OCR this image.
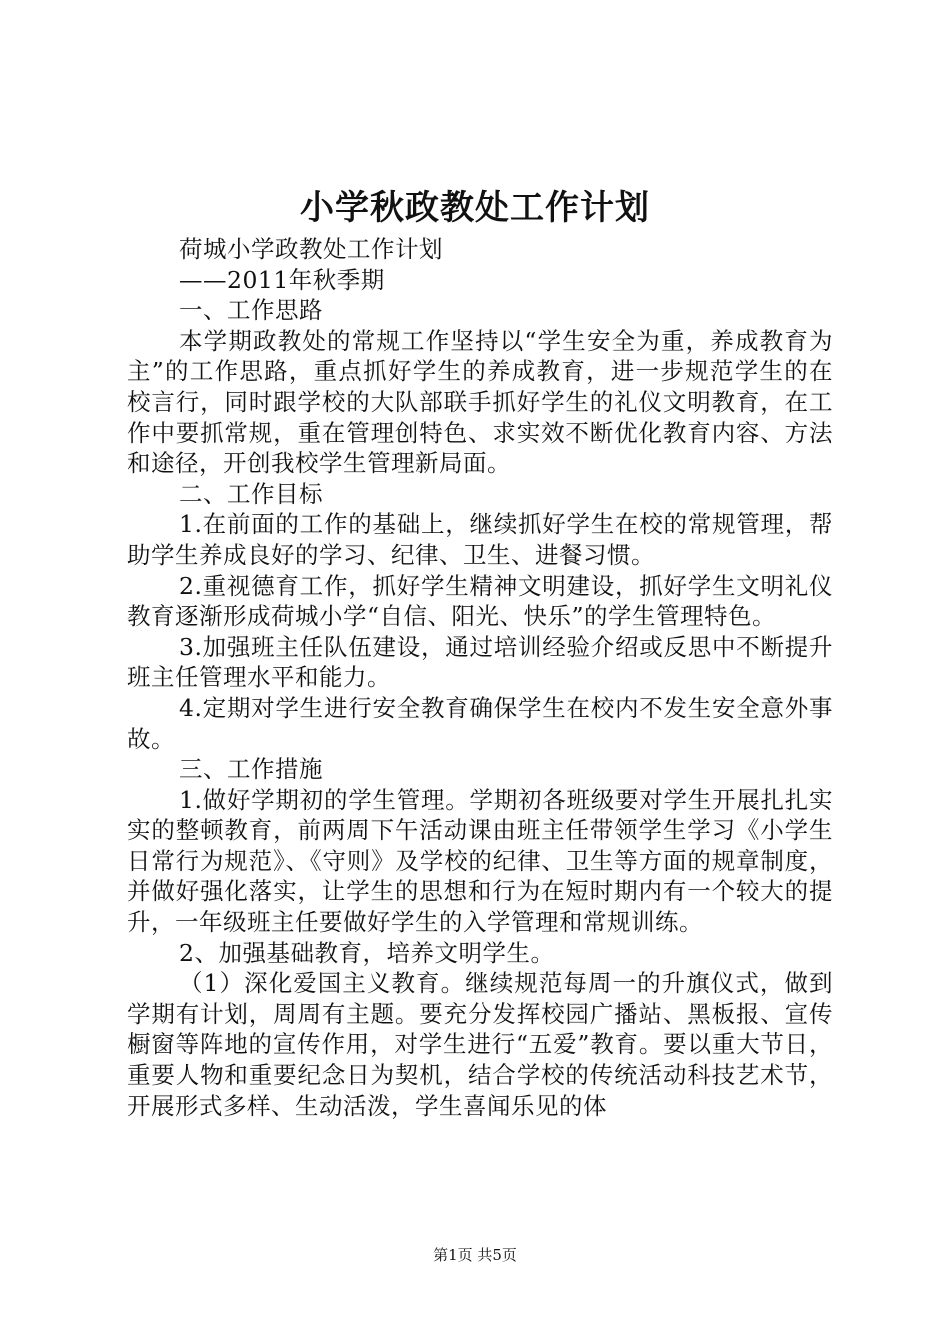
小学秋政教处工作计划

荷城小学政教处工作计划

——2011年秋季期

一、工作思路

本学期政教处的常规工作坚持以“学生安全为重，养成教育为主”的工作思路，重点抓好学生的养成教育，进一步规范学生的在校言行，同时跟学校的大队部联手抓好学生的礼仪文明教育，在工作中要抓常规，重在管理创特色、求实效不断优化教育内容、方法和途径，开创我校学生管理新局面。

二、工作目标

1.在前面的工作的基础上，继续抓好学生在校的常规管理，帮助学生养成良好的学习、纪律、卫生、进餐习惯。

2.重视德育工作，抓好学生精神文明建设，抓好学生文明礼仪教育逐渐形成荷城小学“自信、阳光、快乐”的学生管理特色。

3.加强班主任队伍建设，通过培训经验介绍或反思中不断提升班主任管理水平和能力。

4.定期对学生进行安全教育确保学生在校内不发生安全意外事故。

三、工作措施

1.做好学期初的学生管理。学期初各班级要对学生开展扎扎实实的整顿教育，前两周下午活动课由班主任带领学生学习《小学生日常行为规范》、《守则》及学校的纪律、卫生等方面的规章制度，并做好强化落实，让学生的思想和行为在短时期内有一个较大的提升，一年级班主任要做好学生的入学管理和常规训练。

2、加强基础教育，培养文明学生。

（1）深化爱国主义教育。继续规范每周一的升旗仪式，做到学期有计划，周周有主题。要充分发挥校园广播站、黑板报、宣传橱窗等阵地的宣传作用，对学生进行“五爱”教育。要以重大节日，重要人物和重要纪念日为契机，结合学校的传统活动科技艺术节，开展形式多样、生动活泼，学生喜闻乐见的体

第1页 共5页
